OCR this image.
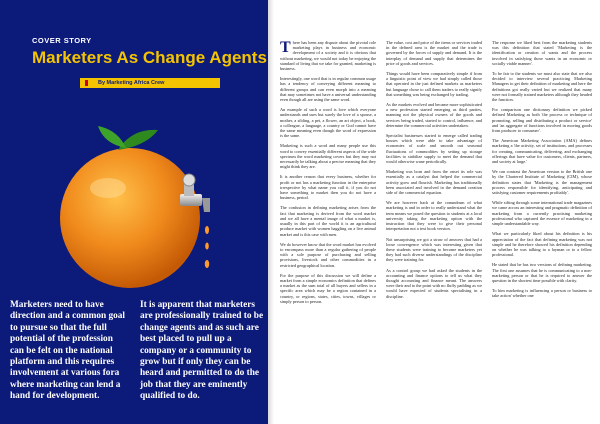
COVER STORY
Marketers As Change Agents
By Marketing Africa Crew
Marketers need to have direction and a common goal to pursue so that the full potential of the profession can be felt on the national platform and this requires involvement at various fora where marketing can lend a hand for development.
It is apparent that marketers are professionally trained to be change agents and as such are best placed to pull up a company or a community to grow but if only they can be heard and permitted to do the job that they are eminently qualified to do.

There has been any dispute about the pivotal role marketing plays in business and economic development of a society and it is obvious that without marketing, we would not today be enjoying the standard of living that we take for granted, marketing is business.

Interestingly, one word that is in regular common usage has a tendency of conveying different meaning to different groups and can even morph into a meaning that may sometimes not have a universal understanding even though all are using the same word.

An example of such a word is love which everyone understands and uses but surely the love of a spouse, a mother, a sibling, a pet, a flower, an art object, a book, a colleague, a language, a country or God cannot have the same meaning even though the word of expression is the same.

Marketing is such a word and many people use this word to convey essentially different aspects of the wide spectrum the word marketing covers but they may not necessarily be talking about a precise meaning that they might think they are.

It is another reason that every business, whether for profit or not has a marketing function in the enterprise irrespective by what name you call it, if you do not have something to market then you do not have a business, period.

The confusion in defining marketing arises from the fact that marketing is derived from the word market and we all have a mental image of what a market is, usually in this part of the world it is an agricultural produce market with women haggling on a live animal market and is this case with men.

We do however know that the word market has evolved to encompass more than a regular gathering of people with a sole purpose of purchasing and selling provisions, livestock and other commodities in a restricted geographical location.

For the purpose of this discussion we will define a market from a simple economics definition that defines a market as the sum total of all buyers and sellers in a specific area which may be a region contained in a country, or regions, states, cities, towns, villages or simply person to person.

The value, cost and price of the items or services traded in the defined area is the market and the trade is governed by the forces of supply and demand. It is the interplay of demand and supply that determines the price of goods and services.

Things would have been comparatively simple if from a linguistic point of view we had simply called those that operated in the just defined markets as marketers but language chose to call them traders to really signify that something was being exchanged by trading.

As the markets evolved and became more sophisticated a new profession started emerging as third parties, manning not the physical owners of the goods and services being traded, started to control, influence, and determine the commercial activities undertaken.

Specialist businesses started to emerge called trading houses which were able to take advantage of economies of scale and smooth out seasonal fluctuations of commodities by setting up storage facilities to stabilize supply to meet the demand that would otherwise wane periodically.

Marketing was born and from the onset its role was essentially as a catalyst that helped the commercial activity grow and flourish. Marketing has traditionally been associated and involved in the demand creation side of the commercial equation.

We are however back at the conundrum of what marketing is and in order to really understand what the term means we posed the question to students at a local university taking the marketing option with the instruction that they were to give their personal interpretation not a text book version.

Not unsurprising we got a straw of answers that had a loose convergence which was interesting given that these students were training to become marketers yet they had such diverse understandings of the discipline they were training for.

As a control group we had asked the students in the accounting and finance options to tell us what they thought accounting and finance meant. The answers were their and to the point with no fluffy padding as we would have expected of students specialising in a discipline.

The response we liked best from the marketing students was this definition that stated 'Marketing is the identification or creation of wants and the process involved in satisfying those wants in an economic or socially viable manner'.

To be fair to the students we must also state that we also decided to interview several practicing Marketing Managers to get their definition of marketing and here the definitions got really varied but we realized that many were not formally trained marketers although they headed the function.

For comparison one dictionary definition we picked defined Marketing as both 'the process or technique of promoting, selling and distributing a product or service' and 'an aggregate of functions involved in moving goods from producer to consumer'.

The American Marketing Association (AMA) defines marketing a 'the activity, set of institutions, and processes for creating, communicating, delivering, and exchanging offerings that have value for customers, clients, partners, and society at large.'

We can contrast the American version to the British one by the Chartered Institute of Marketing (CIM), whose definition states that 'Marketing is the management process responsible for identifying, anticipating and satisfying customer requirements profitably'.

While sifting through some international trade magazines we came across an interesting and pragmatic definition of marketing from a currently practising marketing professional who captured the essence of marketing in a simple understandable way.

What we particularly liked about his definition is his appreciation of the fact that defining marketing was not simple and he therefore showed his definition depending on whether he was talking to a layman or to a fellow professional.

He stated that he has two versions of defining marketing. The first one assumes that he is communicating to a non-marketing person or that he is required to answer the question in the shortest time possible with clarity.

To him marketing is influencing a person or business to take action' whether one
